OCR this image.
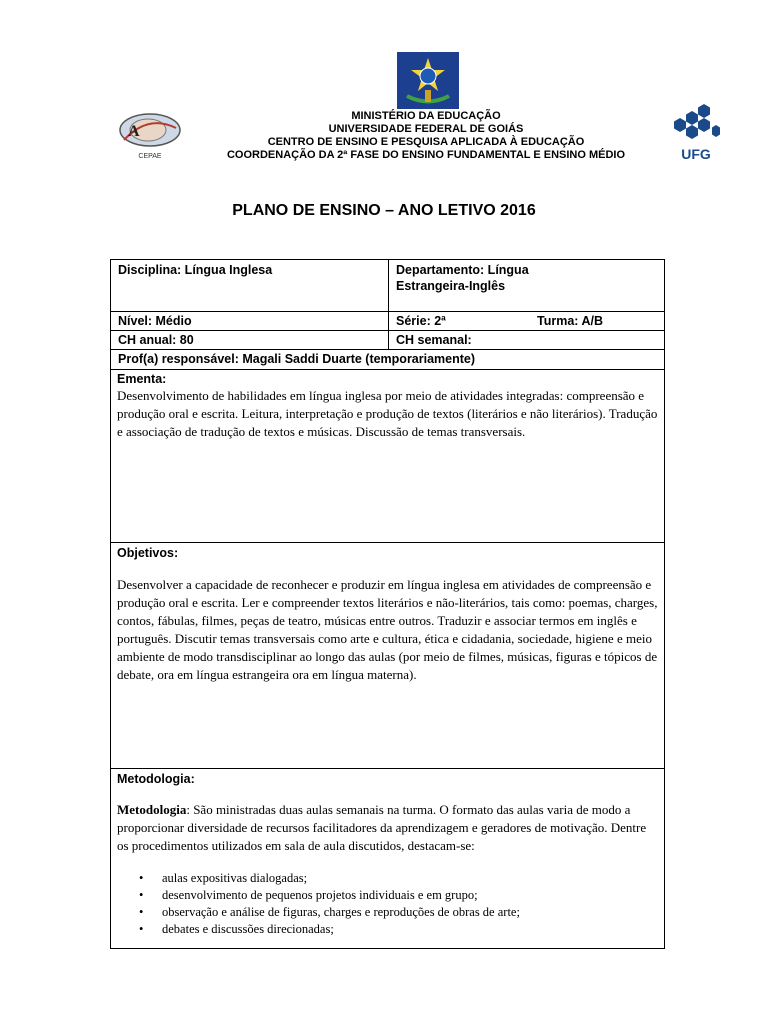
A
CEPAE	UFG
MINISTÉRIO DA EDUCAÇÃO
UNIVERSIDADE FEDERAL DE GOIÁS
CENTRO DE ENSINO E PESQUISA APLICADA À EDUCAÇÃO
COORDENAÇÃO DA 2ª FASE DO ENSINO FUNDAMENTAL E ENSINO MÉDIO
PLANO DE ENSINO – ANO LETIVO 2016
Disciplina: Língua Inglesa	Departamento: Língua
Estrangeira-Inglês
Nível: Médio	Série: 2ª	Turma: A/B
CH anual: 80	CH semanal:
Prof(a) responsável: Magali Saddi Duarte (temporariamente)
Ementa:

Desenvolvimento de habilidades em língua inglesa por meio de atividades integradas: compreensão e produção oral e escrita. Leitura, interpretação e produção de textos (literários e não literários). Tradução e associação de tradução de textos e músicas. Discussão de temas transversais.

Objetivos:

Desenvolver a capacidade de reconhecer e produzir em língua inglesa em atividades de compreensão e produção oral e escrita. Ler e compreender textos literários e não-literários, tais como: poemas, charges, contos, fábulas, filmes, peças de teatro, músicas entre outros. Traduzir e associar termos em inglês e português. Discutir temas transversais como arte e cultura, ética e cidadania, sociedade, higiene e meio ambiente de modo transdisciplinar ao longo das aulas (por meio de filmes, músicas, figuras e tópicos de debate, ora em língua estrangeira ora em língua materna).

Metodologia:

Metodologia: São ministradas duas aulas semanais na turma. O formato das aulas varia de modo a proporcionar diversidade de recursos facilitadores da aprendizagem e geradores de motivação. Dentre os procedimentos utilizados em sala de aula discutidos, destacam-se:

• aulas expositivas dialogadas;
• desenvolvimento de pequenos projetos individuais e em grupo;
• observação e análise de figuras, charges e reproduções de obras de arte;
• debates e discussões direcionadas;
